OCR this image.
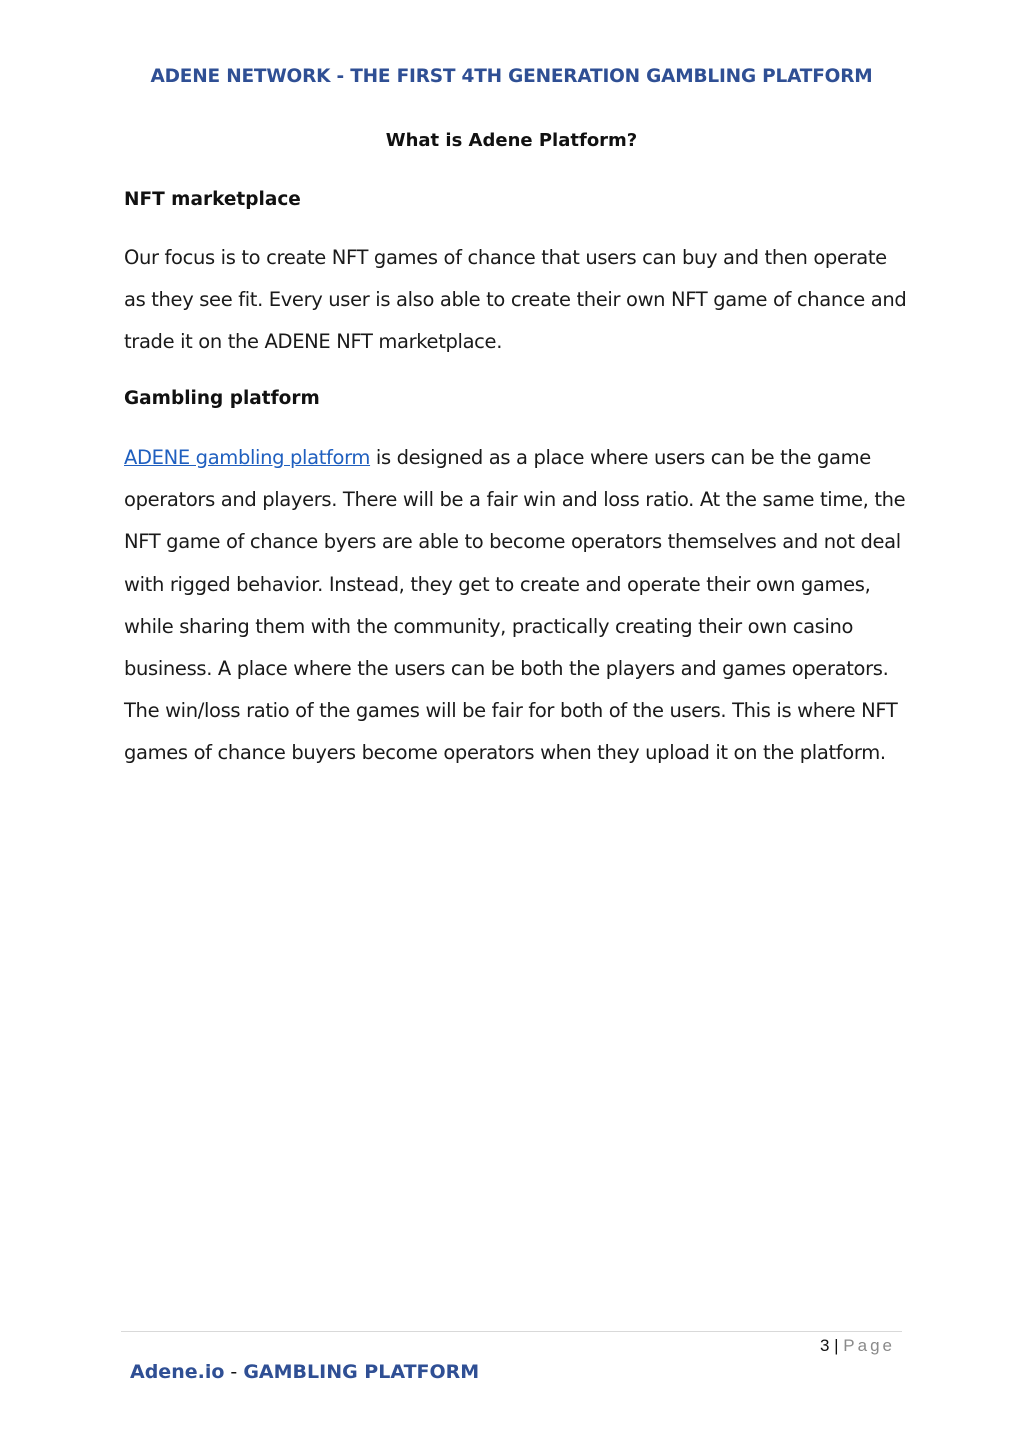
ADENE NETWORK - THE FIRST 4TH GENERATION GAMBLING PLATFORM
What is Adene Platform?
NFT marketplace

Our focus is to create NFT games of chance that users can buy and then operate as they see fit. Every user is also able to create their own NFT game of chance and trade it on the ADENE NFT marketplace.

Gambling platform

ADENE gambling platform is designed as a place where users can be the game operators and players. There will be a fair win and loss ratio. At the same time, the NFT game of chance byers are able to become operators themselves and not deal with rigged behavior. Instead, they get to create and operate their own games, while sharing them with the community, practically creating their own casino business. A place where the users can be both the players and games operators. The win/loss ratio of the games will be fair for both of the users. This is where NFT games of chance buyers become operators when they upload it on the platform.

3 | Page
Adene.io - GAMBLING PLATFORM
